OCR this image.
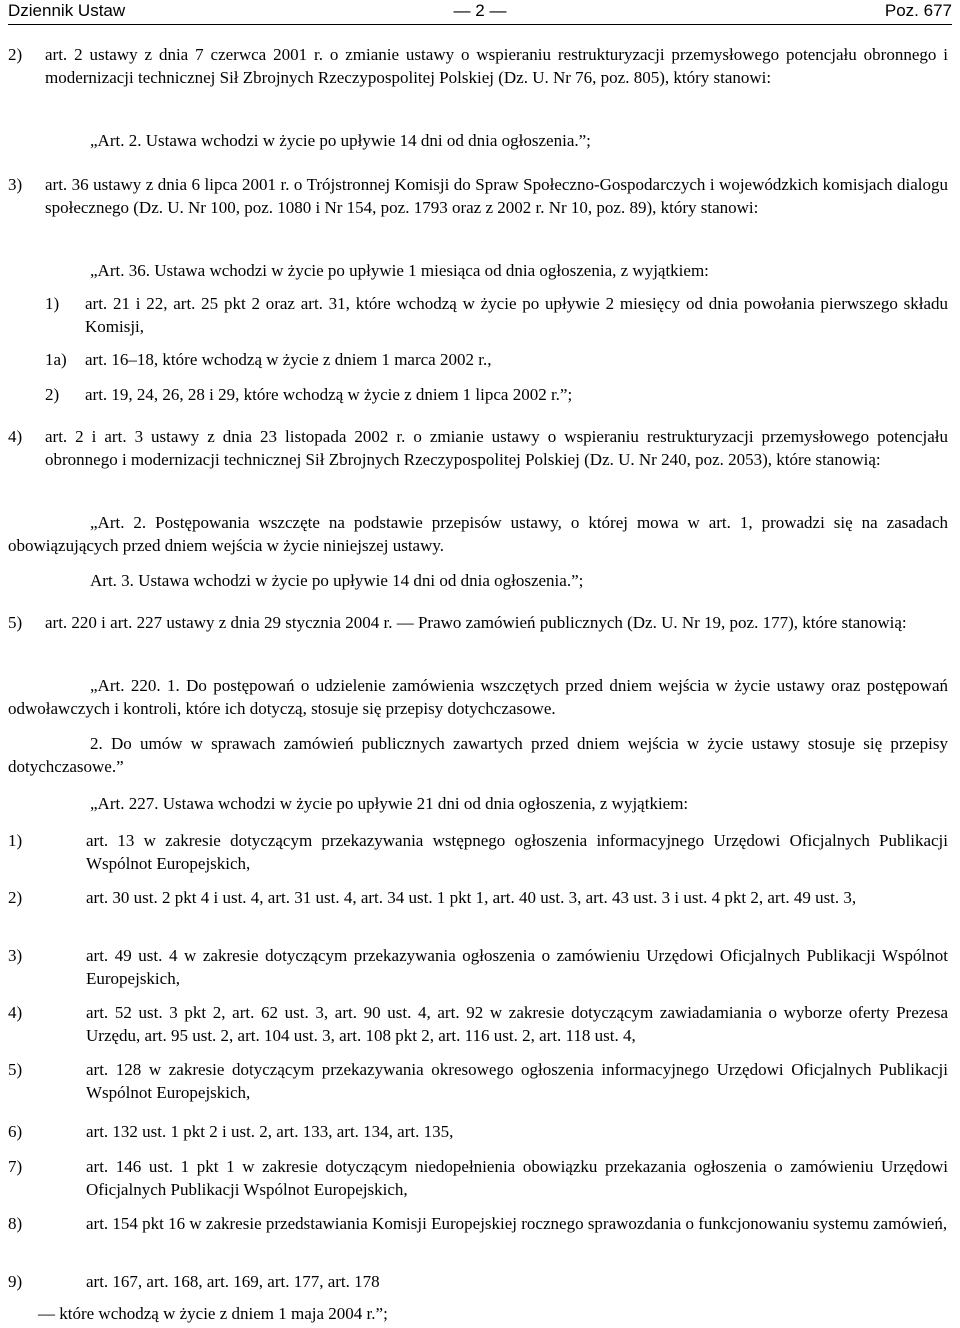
Dziennik Ustaw	— 2 —	Poz. 677
2) art. 2 ustawy z dnia 7 czerwca 2001 r. o zmianie ustawy o wspieraniu restrukturyzacji przemysłowego potencjału obronnego i modernizacji technicznej Sił Zbrojnych Rzeczypospolitej Polskiej (Dz. U. Nr 76, poz. 805), który stanowi:
„Art. 2. Ustawa wchodzi w życie po upływie 14 dni od dnia ogłoszenia.”;
3) art. 36 ustawy z dnia 6 lipca 2001 r. o Trójstronnej Komisji do Spraw Społeczno-Gospodarczych i wojewódzkich komisjach dialogu społecznego (Dz. U. Nr 100, poz. 1080 i Nr 154, poz. 1793 oraz z 2002 r. Nr 10, poz. 89), który stanowi:
„Art. 36. Ustawa wchodzi w życie po upływie 1 miesiąca od dnia ogłoszenia, z wyjątkiem:
1) art. 21 i 22, art. 25 pkt 2 oraz art. 31, które wchodzą w życie po upływie 2 miesięcy od dnia powołania pierwszego składu Komisji,
1a) art. 16–18, które wchodzą w życie z dniem 1 marca 2002 r.,
2) art. 19, 24, 26, 28 i 29, które wchodzą w życie z dniem 1 lipca 2002 r.”;
4) art. 2 i art. 3 ustawy z dnia 23 listopada 2002 r. o zmianie ustawy o wspieraniu restrukturyzacji przemysłowego potencjału obronnego i modernizacji technicznej Sił Zbrojnych Rzeczypospolitej Polskiej (Dz. U. Nr 240, poz. 2053), które stanowią:
„Art. 2. Postępowania wszczęte na podstawie przepisów ustawy, o której mowa w art. 1, prowadzi się na zasadach obowiązujących przed dniem wejścia w życie niniejszej ustawy.
Art. 3. Ustawa wchodzi w życie po upływie 14 dni od dnia ogłoszenia.”;
5) art. 220 i art. 227 ustawy z dnia 29 stycznia 2004 r. — Prawo zamówień publicznych (Dz. U. Nr 19, poz. 177), które stanowią:
„Art. 220. 1. Do postępowań o udzielenie zamówienia wszczętych przed dniem wejścia w życie ustawy oraz postępowań odwoławczych i kontroli, które ich dotyczą, stosuje się przepisy dotychczasowe.
2. Do umów w sprawach zamówień publicznych zawartych przed dniem wejścia w życie ustawy stosuje się przepisy dotychczasowe.”
„Art. 227. Ustawa wchodzi w życie po upływie 21 dni od dnia ogłoszenia, z wyjątkiem:
1)	art. 13 w zakresie dotyczącym przekazywania wstępnego ogłoszenia informacyjnego Urzędowi Oficjalnych Publikacji Wspólnot Europejskich,
2)	art. 30 ust. 2 pkt 4 i ust. 4, art. 31 ust. 4, art. 34 ust. 1 pkt 1, art. 40 ust. 3, art. 43 ust. 3 i ust. 4 pkt 2, art. 49 ust. 3,
3)	art. 49 ust. 4 w zakresie dotyczącym przekazywania ogłoszenia o zamówieniu Urzędowi Oficjalnych Publikacji Wspólnot Europejskich,
4)	art. 52 ust. 3 pkt 2, art. 62 ust. 3, art. 90 ust. 4, art. 92 w zakresie dotyczącym zawiadamiania o wyborze oferty Prezesa Urzędu, art. 95 ust. 2, art. 104 ust. 3, art. 108 pkt 2, art. 116 ust. 2, art. 118 ust. 4,
5)	art. 128 w zakresie dotyczącym przekazywania okresowego ogłoszenia informacyjnego Urzędowi Oficjalnych Publikacji Wspólnot Europejskich,
6)	art. 132 ust. 1 pkt 2 i ust. 2, art. 133, art. 134, art. 135,
7)	art. 146 ust. 1 pkt 1 w zakresie dotyczącym niedopełnienia obowiązku przekazania ogłoszenia o zamówieniu Urzędowi Oficjalnych Publikacji Wspólnot Europejskich,
8)	art. 154 pkt 16 w zakresie przedstawiania Komisji Europejskiej rocznego sprawozdania o funkcjonowaniu systemu zamówień,
9)	art. 167, art. 168, art. 169, art. 177, art. 178
— które wchodzą w życie z dniem 1 maja 2004 r.”;
